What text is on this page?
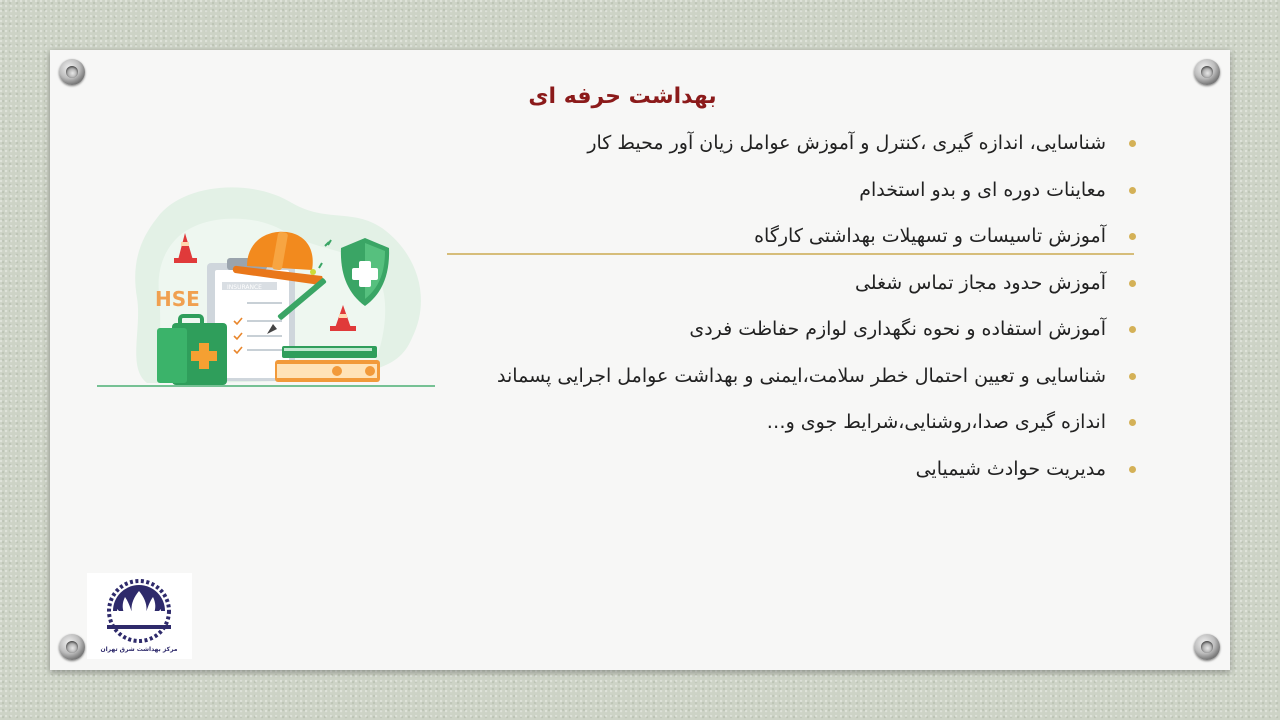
بهداشت حرفه ای
شناسایی، اندازه گیری ،کنترل و آموزش عوامل زیان آور محیط کار
معاینات دوره ای و بدو استخدام
آموزش تاسیسات و تسهیلات بهداشتی کارگاه
آموزش حدود مجاز تماس شغلی
آموزش استفاده و نحوه نگهداری لوازم حفاظت فردی
شناسایی و تعیین احتمال خطر سلامت،ایمنی و بهداشت عوامل اجرایی پسماند
اندازه گیری صدا،روشنایی،شرایط جوی و…
مدیریت حوادث شیمیایی
INSURANCE
HSE
مرکز بهداشت شرق تهران
